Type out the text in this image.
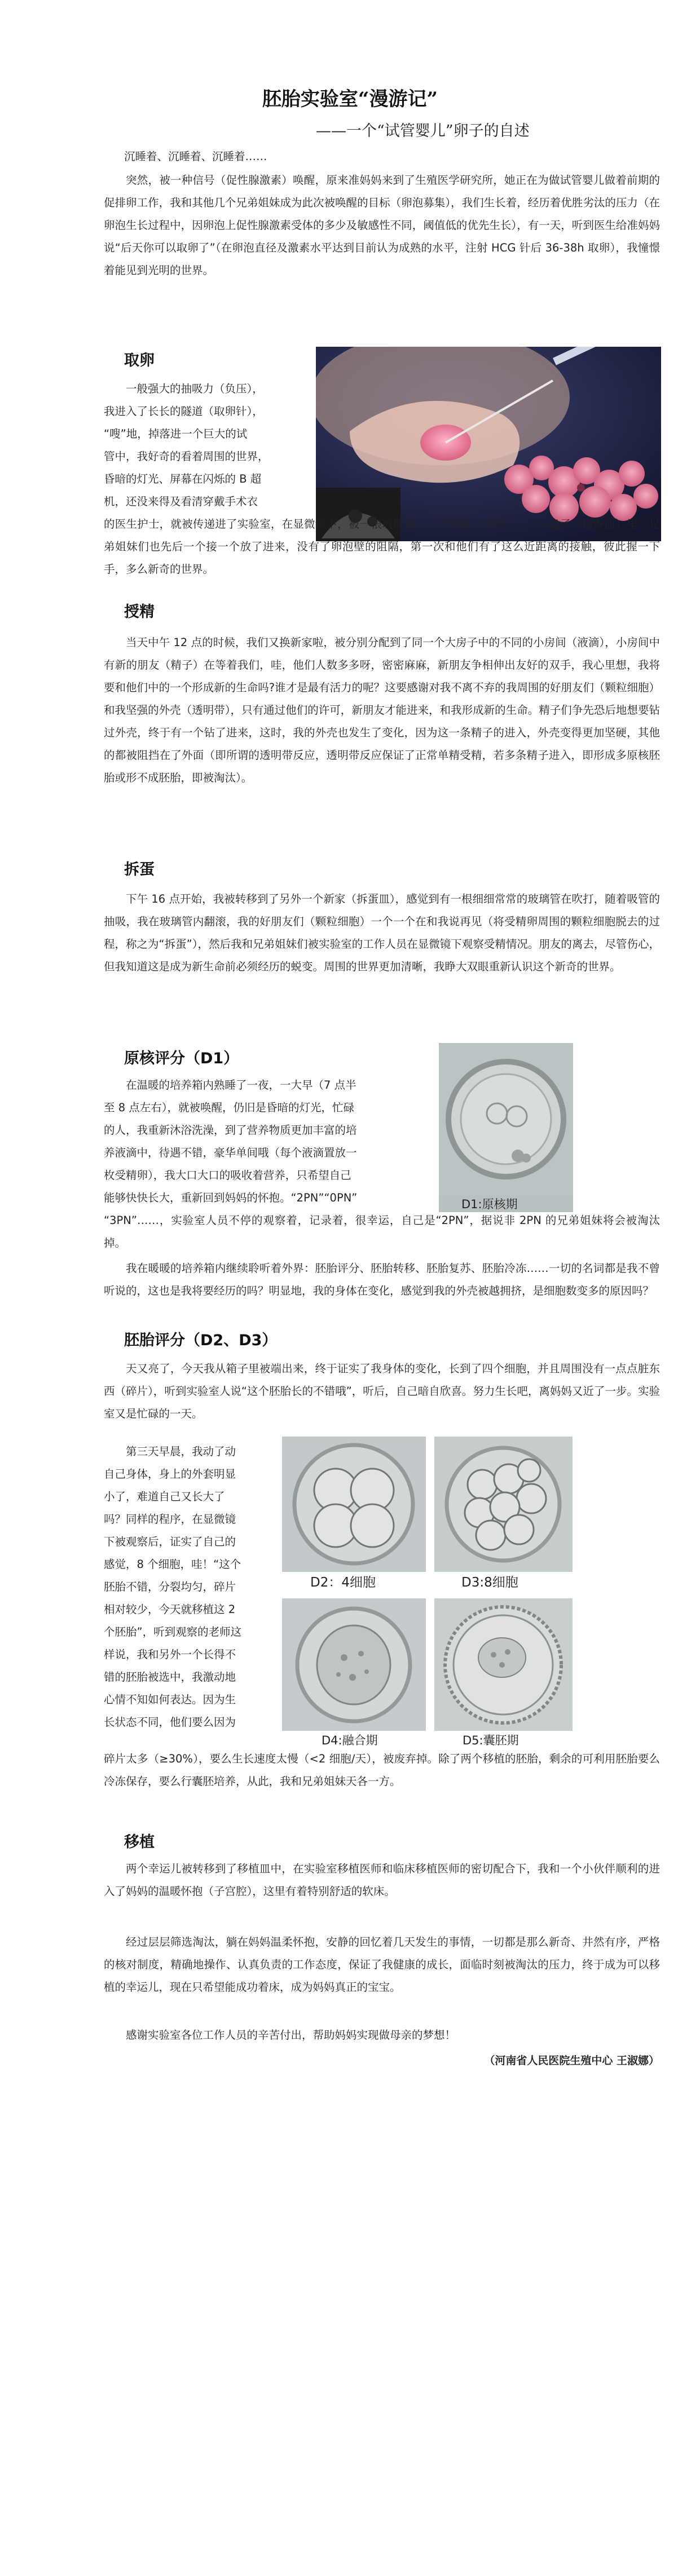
胚胎实验室“漫游记”
——一个“试管婴儿”卵子的自述

沉睡着、沉睡着、沉睡着……

突然，被一种信号（促性腺激素）唤醒，原来准妈妈来到了生殖医学研究所，她正在为做试管婴儿做着前期的促排卵工作，我和其他几个兄弟姐妹成为此次被唤醒的目标（卵泡募集），我们生长着，经历着优胜劣汰的压力（在卵泡生长过程中，因卵泡上促性腺激素受体的多少及敏感性不同，阈值低的优先生长），有一天，听到医生给准妈妈说“后天你可以取卵了”（在卵泡直径及激素水平达到目前认为成熟的水平，注射 HCG 针后 36-38h 取卵），我憧憬着能见到光明的世界。

取卵

一般强大的抽吸力（负压），

我进入了长长的隧道（取卵针），

“嗖”地，掉落进一个巨大的试

管中，我好奇的看着周围的世界，

昏暗的灯光、屏幕在闪烁的 B 超

机，还没来得及看清穿戴手术衣

的医生护士，就被传递进了实验室，在显微镜下，被一根玻璃管（巴氏吸管）捡进了一个小盘子（培养皿）里，兄弟姐妹们也先后一个接一个放了进来，没有了卵泡壁的阻隔，第一次和他们有了这么近距离的接触，彼此握一下手，多么新奇的世界。

授精

当天中午 12 点的时候，我们又换新家啦，被分别分配到了同一个大房子中的不同的小房间（液滴），小房间中有新的朋友（精子）在等着我们，哇，他们人数多多呀，密密麻麻，新朋友争相伸出友好的双手，我心里想，我将要和他们中的一个形成新的生命吗?谁才是最有活力的呢？这要感谢对我不离不弃的我周围的好朋友们（颗粒细胞）和我坚强的外壳（透明带），只有通过他们的许可，新朋友才能进来，和我形成新的生命。精子们争先恐后地想要钻过外壳，终于有一个钻了进来，这时，我的外壳也发生了变化，因为这一条精子的进入，外壳变得更加坚硬，其他的都被阻挡在了外面（即所谓的透明带反应，透明带反应保证了正常单精受精，若多条精子进入，即形成多原核胚胎或形不成胚胎，即被淘汰）。

拆蛋

下午 16 点开始，我被转移到了另外一个新家（拆蛋皿），感觉到有一根细细常常的玻璃管在吹打，随着吸管的抽吸，我在玻璃管内翻滚，我的好朋友们（颗粒细胞）一个一个在和我说再见（将受精卵周围的颗粒细胞脱去的过程，称之为“拆蛋”），然后我和兄弟姐妹们被实验室的工作人员在显微镜下观察受精情况。朋友的离去，尽管伤心，但我知道这是成为新生命前必须经历的蜕变。周围的世界更加清晰，我睁大双眼重新认识这个新奇的世界。

原核评分（D1）

在温暖的培养箱内熟睡了一夜，一大早（7 点半

至 8 点左右），就被唤醒，仍旧是昏暗的灯光，忙碌

的人，我重新沐浴洗澡，到了营养物质更加丰富的培

养液滴中，待遇不错，豪华单间哦（每个液滴置放一

枚受精卵），我大口大口的吸收着营养，只希望自己

能够快快长大，重新回到妈妈的怀抱。“2PN”“0PN”	D1:原核期

“3PN”……，实验室人员不停的观察着，记录着，很幸运，自己是“2PN”，据说非 2PN 的兄弟姐妹将会被淘汰掉。

我在暖暖的培养箱内继续聆听着外界：胚胎评分、胚胎转移、胚胎复苏、胚胎冷冻……一切的名词都是我不曾听说的，这也是我将要经历的吗？明显地，我的身体在变化，感觉到我的外壳被越拥挤，是细胞数变多的原因吗？

胚胎评分（D2、D3）

天又亮了，今天我从箱子里被端出来，终于证实了我身体的变化，长到了四个细胞，并且周围没有一点点脏东西（碎片），听到实验室人说“这个胚胎长的不错哦”，听后，自己暗自欣喜。努力生长吧，离妈妈又近了一步。实验室又是忙碌的一天。

第三天早晨，我动了动

自己身体，身上的外套明显

小了，难道自己又长大了

吗？同样的程序，在显微镜

下被观察后，证实了自己的

感觉，8 个细胞，哇！“这个

胚胎不错，分裂均匀，碎片

相对较少，今天就移植这 2

个胚胎”，听到观察的老师这

样说，我和另外一个长得不

错的胚胎被选中，我激动地

心情不知如何表达。因为生

长状态不同，他们要么因为

D2：4细胞	D3:8细胞
D4:融合期	D5:囊胚期

碎片太多（≥30%），要么生长速度太慢（<2 细胞/天），被废弃掉。除了两个移植的胚胎，剩余的可利用胚胎要么冷冻保存，要么行囊胚培养，从此，我和兄弟姐妹天各一方。

移植

两个幸运儿被转移到了移植皿中，在实验室移植医师和临床移植医师的密切配合下，我和一个小伙伴顺利的进入了妈妈的温暖怀抱（子宫腔），这里有着特别舒适的软床。

经过层层筛选淘汰，躺在妈妈温柔怀抱，安静的回忆着几天发生的事情，一切都是那么新奇、井然有序，严格的核对制度，精确地操作、认真负责的工作态度，保证了我健康的成长，面临时刻被淘汰的压力，终于成为可以移植的幸运儿，现在只希望能成功着床，成为妈妈真正的宝宝。

感谢实验室各位工作人员的辛苦付出，帮助妈妈实现做母亲的梦想！

（河南省人民医院生殖中心 王淑娜）
